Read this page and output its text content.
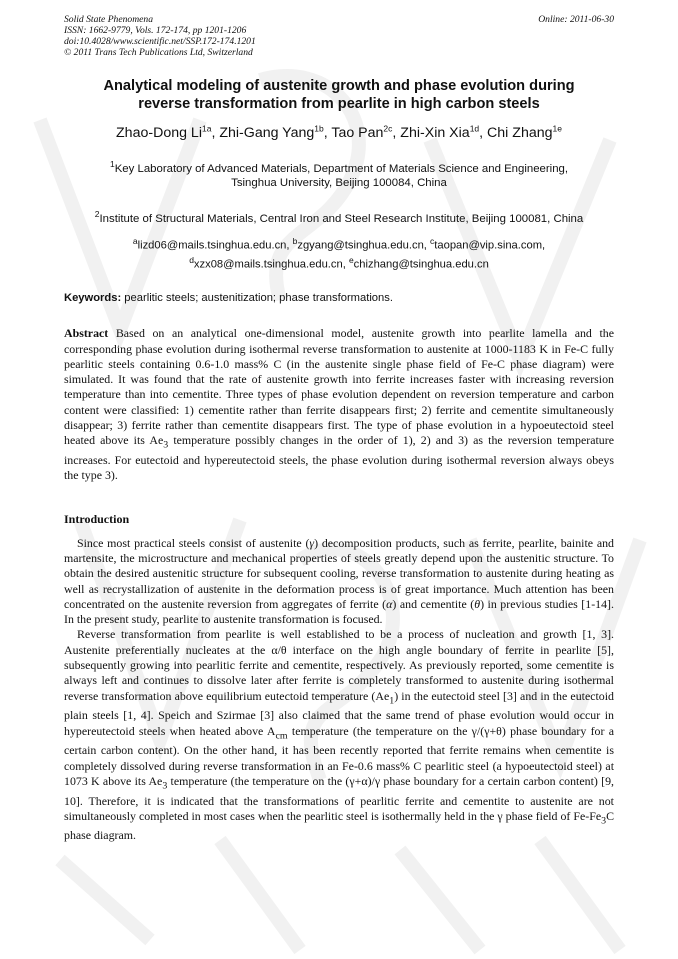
Solid State Phenomena
ISSN: 1662-9779, Vols. 172-174, pp 1201-1206
doi:10.4028/www.scientific.net/SSP.172-174.1201
© 2011 Trans Tech Publications Ltd, Switzerland
Online: 2011-06-30
Analytical modeling of austenite growth and phase evolution during
reverse transformation from pearlite in high carbon steels
Zhao-Dong $Li^{1a}$, Zhi-Gang Yang$^{1b}$, Tao Pan$^{2c}$, Zhi-Xin Xia$^{1d}$, Chi Zhang$^{1e}$
$^1$Key Laboratory of Advanced Materials, Department of Materials Science and Engineering,
Tsinghua University, Beijing 100084, China
$^2$Institute of Structural Materials, Central Iron and Steel Research Institute, Beijing 100081, China
$^a$lizd06@mails.tsinghua.edu.cn, $^b$zgyang@tsinghua.edu.cn, $^c$taopan@vip.sina.com,
$^d$xzx08@mails.tsinghua.edu.cn, $^e$chizhang@tsinghua.edu.cn
Keywords: pearlitic steels; austenitization; phase transformations.
Abstract Based on an analytical one-dimensional model, austenite growth into pearlite lamella and the corresponding phase evolution during isothermal reverse transformation to austenite at 1000-1183 K in Fe-C fully pearlitic steels containing 0.6-1.0 mass% C (in the austenite single phase field of Fe-C phase diagram) were simulated. It was found that the rate of austenite growth into ferrite increases faster with increasing reversion temperature than into cementite. Three types of phase evolution dependent on reversion temperature and carbon content were classified: 1) cementite rather than ferrite disappears first; 2) ferrite and cementite simultaneously disappear; 3) ferrite rather than cementite disappears first. The type of phase evolution in a hypoeutectoid steel heated above its $Ae_3$ temperature possibly changes in the order of 1), 2) and 3) as the reversion temperature increases. For eutectoid and hypereutectoid steels, the phase evolution during isothermal reversion always obeys the type 3).
Introduction
Since most practical steels consist of austenite (γ) decomposition products, such as ferrite, pearlite, bainite and martensite, the microstructure and mechanical properties of steels greatly depend upon the austenitic structure. To obtain the desired austenitic structure for subsequent cooling, reverse transformation to austenite during heating as well as recrystallization of austenite in the deformation process is of great importance. Much attention has been concentrated on the austenite reversion from aggregates of ferrite (α) and cementite (θ) in previous studies [1-14]. In the present study, pearlite to austenite transformation is focused.
Reverse transformation from pearlite is well established to be a process of nucleation and growth [1, 3]. Austenite preferentially nucleates at the α/θ interface on the high angle boundary of ferrite in pearlite [5], subsequently growing into pearlitic ferrite and cementite, respectively. As previously reported, some cementite is always left and continues to dissolve later after ferrite is completely transformed to austenite during isothermal reverse transformation above equilibrium eutectoid temperature $(Ae_1)$ in the eutectoid steel [3] and in the eutectoid plain steels [1, 4]. Speich and Szirmae [3] also claimed that the same trend of phase evolution would occur in hypereutectoid steels when heated above $A_{cm}$ temperature (the temperature on the γ/(γ+θ) phase boundary for a certain carbon content). On the other hand, it has been recently reported that ferrite remains when cementite is completely dissolved during reverse transformation in an Fe-0.6 mass% C pearlitic steel (a hypoeutectoid steel) at 1073 K above its $Ae_3$ temperature (the temperature on the (γ+α)/γ phase boundary for a certain carbon content) [9, 10]. Therefore, it is indicated that the transformations of pearlitic ferrite and cementite to austenite are not simultaneously completed in most cases when the pearlitic steel is isothermally held in the γ phase field of $Fe-Fe_3C$ phase diagram.
